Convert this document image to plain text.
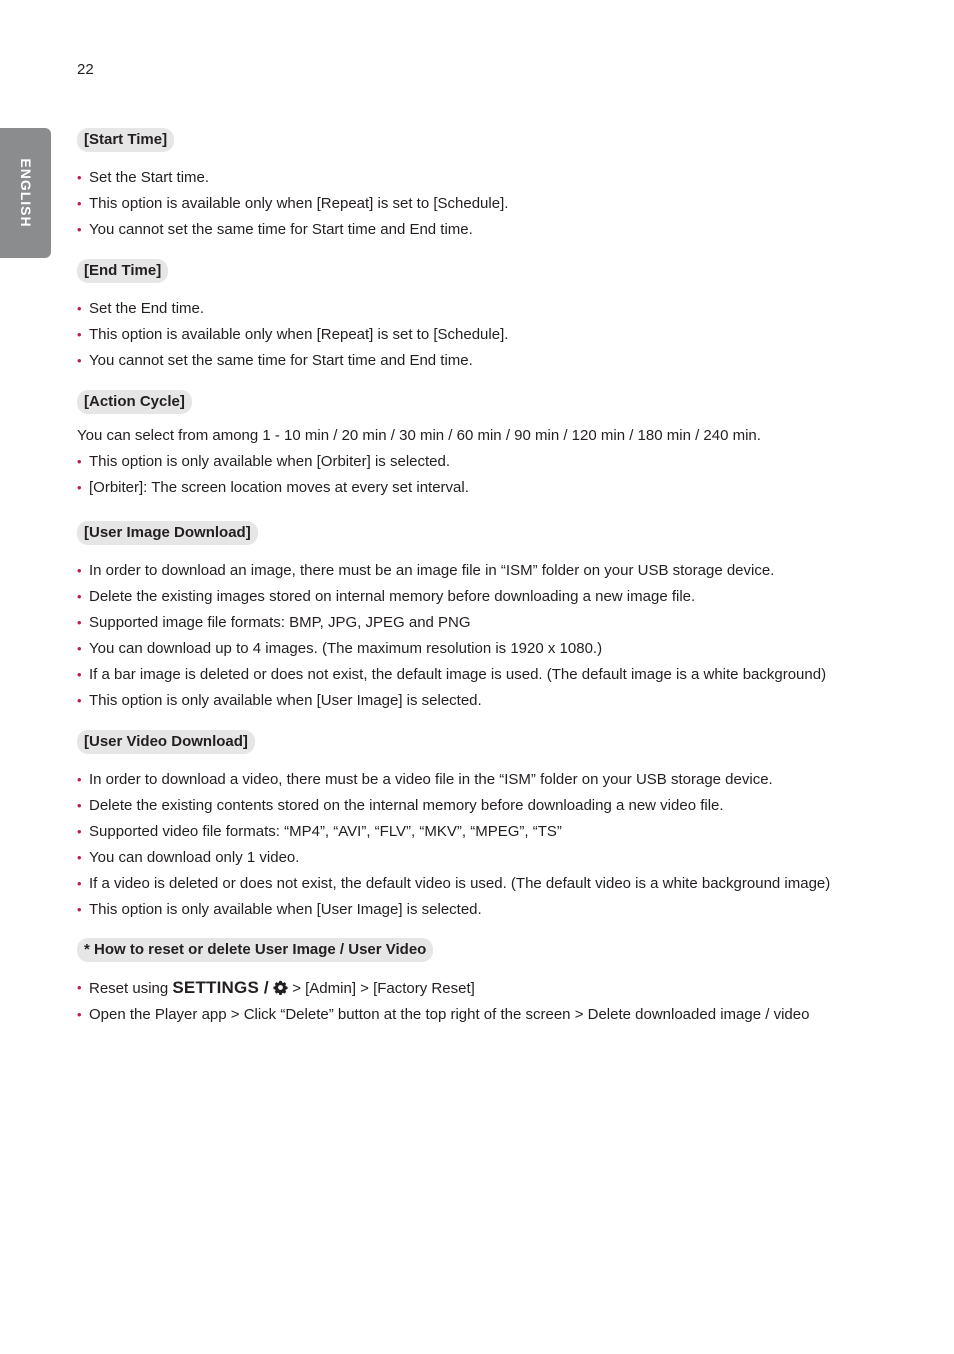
22
ENGLISH
[Start Time]
• Set the Start time.
• This option is available only when [Repeat] is set to [Schedule].
• You cannot set the same time for Start time and End time.
[End Time]
• Set the End time.
• This option is available only when [Repeat] is set to [Schedule].
• You cannot set the same time for Start time and End time.
[Action Cycle]
You can select from among 1 - 10 min / 20 min / 30 min / 60 min / 90 min / 120 min / 180 min / 240 min.
• This option is only available when [Orbiter] is selected.
• [Orbiter]: The screen location moves at every set interval.
[User Image Download]
• In order to download an image, there must be an image file in “ISM” folder on your USB storage device.
• Delete the existing images stored on internal memory before downloading a new image file.
• Supported image file formats: BMP, JPG, JPEG and PNG
• You can download up to 4 images. (The maximum resolution is 1920 x 1080.)
• If a bar image is deleted or does not exist, the default image is used. (The default image is a white background)
• This option is only available when [User Image] is selected.
[User Video Download]
• In order to download a video, there must be a video file in the “ISM” folder on your USB storage device.
• Delete the existing contents stored on the internal memory before downloading a new video file.
• Supported video file formats: “MP4”, “AVI”, “FLV”, “MKV”, “MPEG”, “TS”
• You can download only 1 video.
• If a video is deleted or does not exist, the default video is used. (The default video is a white background image)
• This option is only available when [User Image] is selected.
* How to reset or delete User Image / User Video
• Reset using SETTINGS / > [Admin] > [Factory Reset]
• Open the Player app > Click “Delete” button at the top right of the screen > Delete downloaded image / video
